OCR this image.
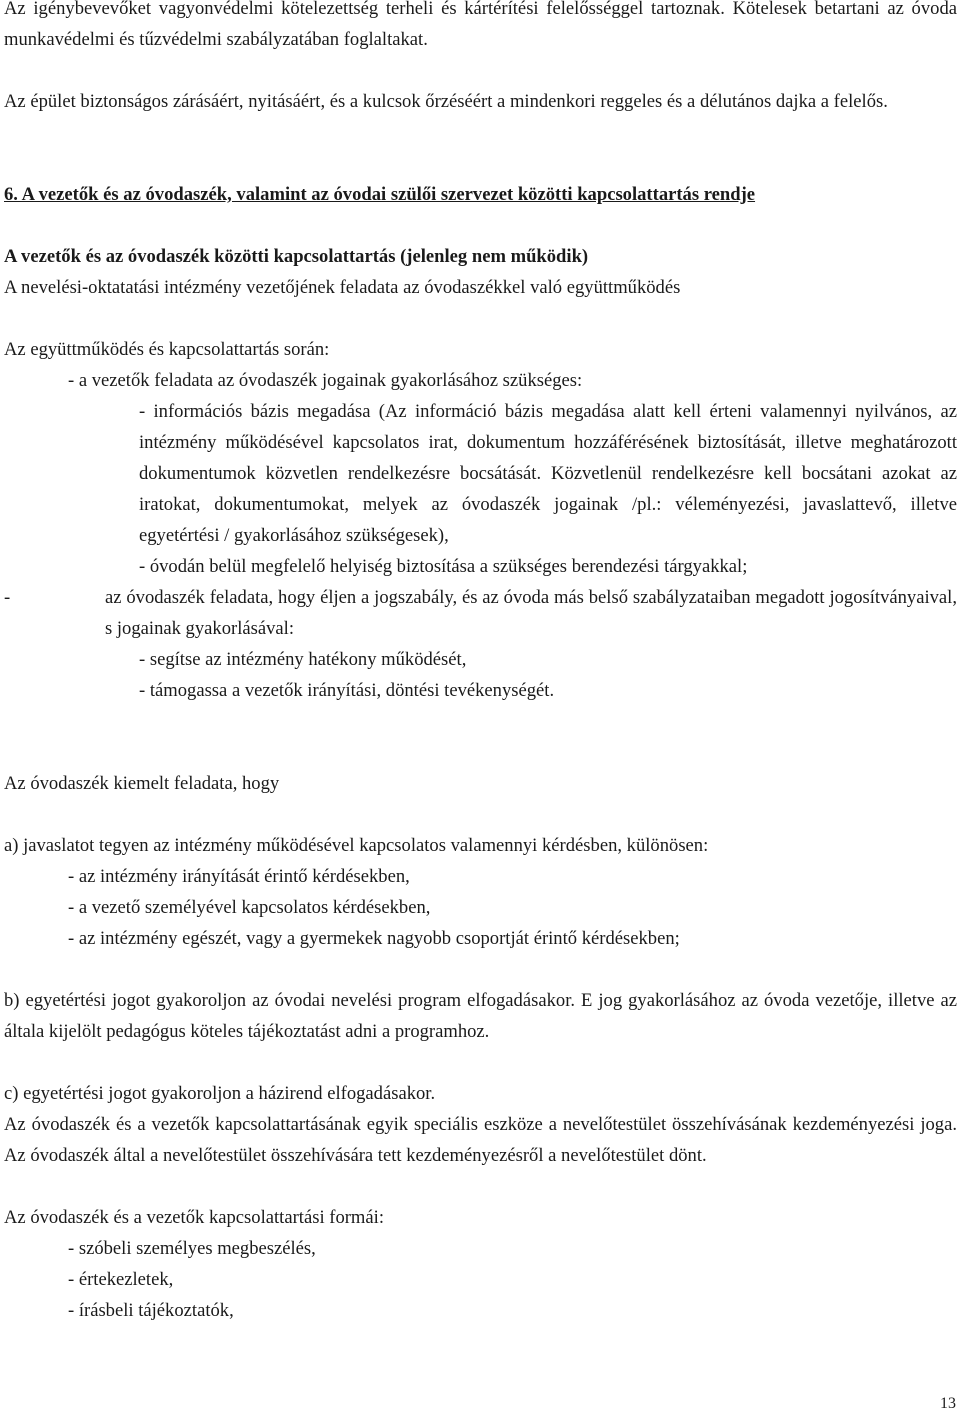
Az igénybevevőket vagyonvédelmi kötelezettség terheli és kártérítési felelősséggel tartoznak. Kötelesek betartani az óvoda munkavédelmi és tűzvédelmi szabályzatában foglaltakat.

Az épület biztonságos zárásáért, nyitásáért, és a kulcsok őrzéséért a mindenkori reggeles és a délutános dajka a felelős.

6. A vezetők és az óvodaszék, valamint az óvodai szülői szervezet közötti kapcsolattartás rendje

A vezetők és az óvodaszék közötti kapcsolattartás (jelenleg nem működik)

A nevelési-oktatatási intézmény vezetőjének feladata az óvodaszékkel való együttműködés

Az együttműködés és kapcsolattartás során:

- a vezetők feladata az óvodaszék jogainak gyakorlásához szükséges:

- információs bázis megadása (Az információ bázis megadása alatt kell érteni valamennyi nyilvános, az intézmény működésével kapcsolatos irat, dokumentum hozzáférésének biztosítását, illetve meghatározott dokumentumok közvetlen rendelkezésre bocsátását. Közvetlenül rendelkezésre kell bocsátani azokat az iratokat, dokumentumokat, melyek az óvodaszék jogainak /pl.: véleményezési, javaslattevő, illetve egyetértési / gyakorlásához szükségesek),

- óvodán belül megfelelő helyiség biztosítása a szükséges berendezési tárgyakkal;

-	az óvodaszék feladata, hogy éljen a jogszabály, és az óvoda más belső szabályzataiban megadott jogosítványaival, s jogainak gyakorlásával:

- segítse az intézmény hatékony működését,

- támogassa a vezetők irányítási, döntési tevékenységét.

Az óvodaszék kiemelt feladata, hogy

a) javaslatot tegyen az intézmény működésével kapcsolatos valamennyi kérdésben, különösen:

- az intézmény irányítását érintő kérdésekben,

- a vezető személyével kapcsolatos kérdésekben,

- az intézmény egészét, vagy a gyermekek nagyobb csoportját érintő kérdésekben;

b) egyetértési jogot gyakoroljon az óvodai nevelési program elfogadásakor. E jog gyakorlásához az óvoda vezetője, illetve az általa kijelölt pedagógus köteles tájékoztatást adni a programhoz.

c) egyetértési jogot gyakoroljon a házirend elfogadásakor.

Az óvodaszék és a vezetők kapcsolattartásának egyik speciális eszköze a nevelőtestület összehívásának kezdeményezési joga. Az óvodaszék által a nevelőtestület összehívására tett kezdeményezésről a nevelőtestület dönt.

Az óvodaszék és a vezetők kapcsolattartási formái:

- szóbeli személyes megbeszélés,

- értekezletek,

- írásbeli tájékoztatók,

13
